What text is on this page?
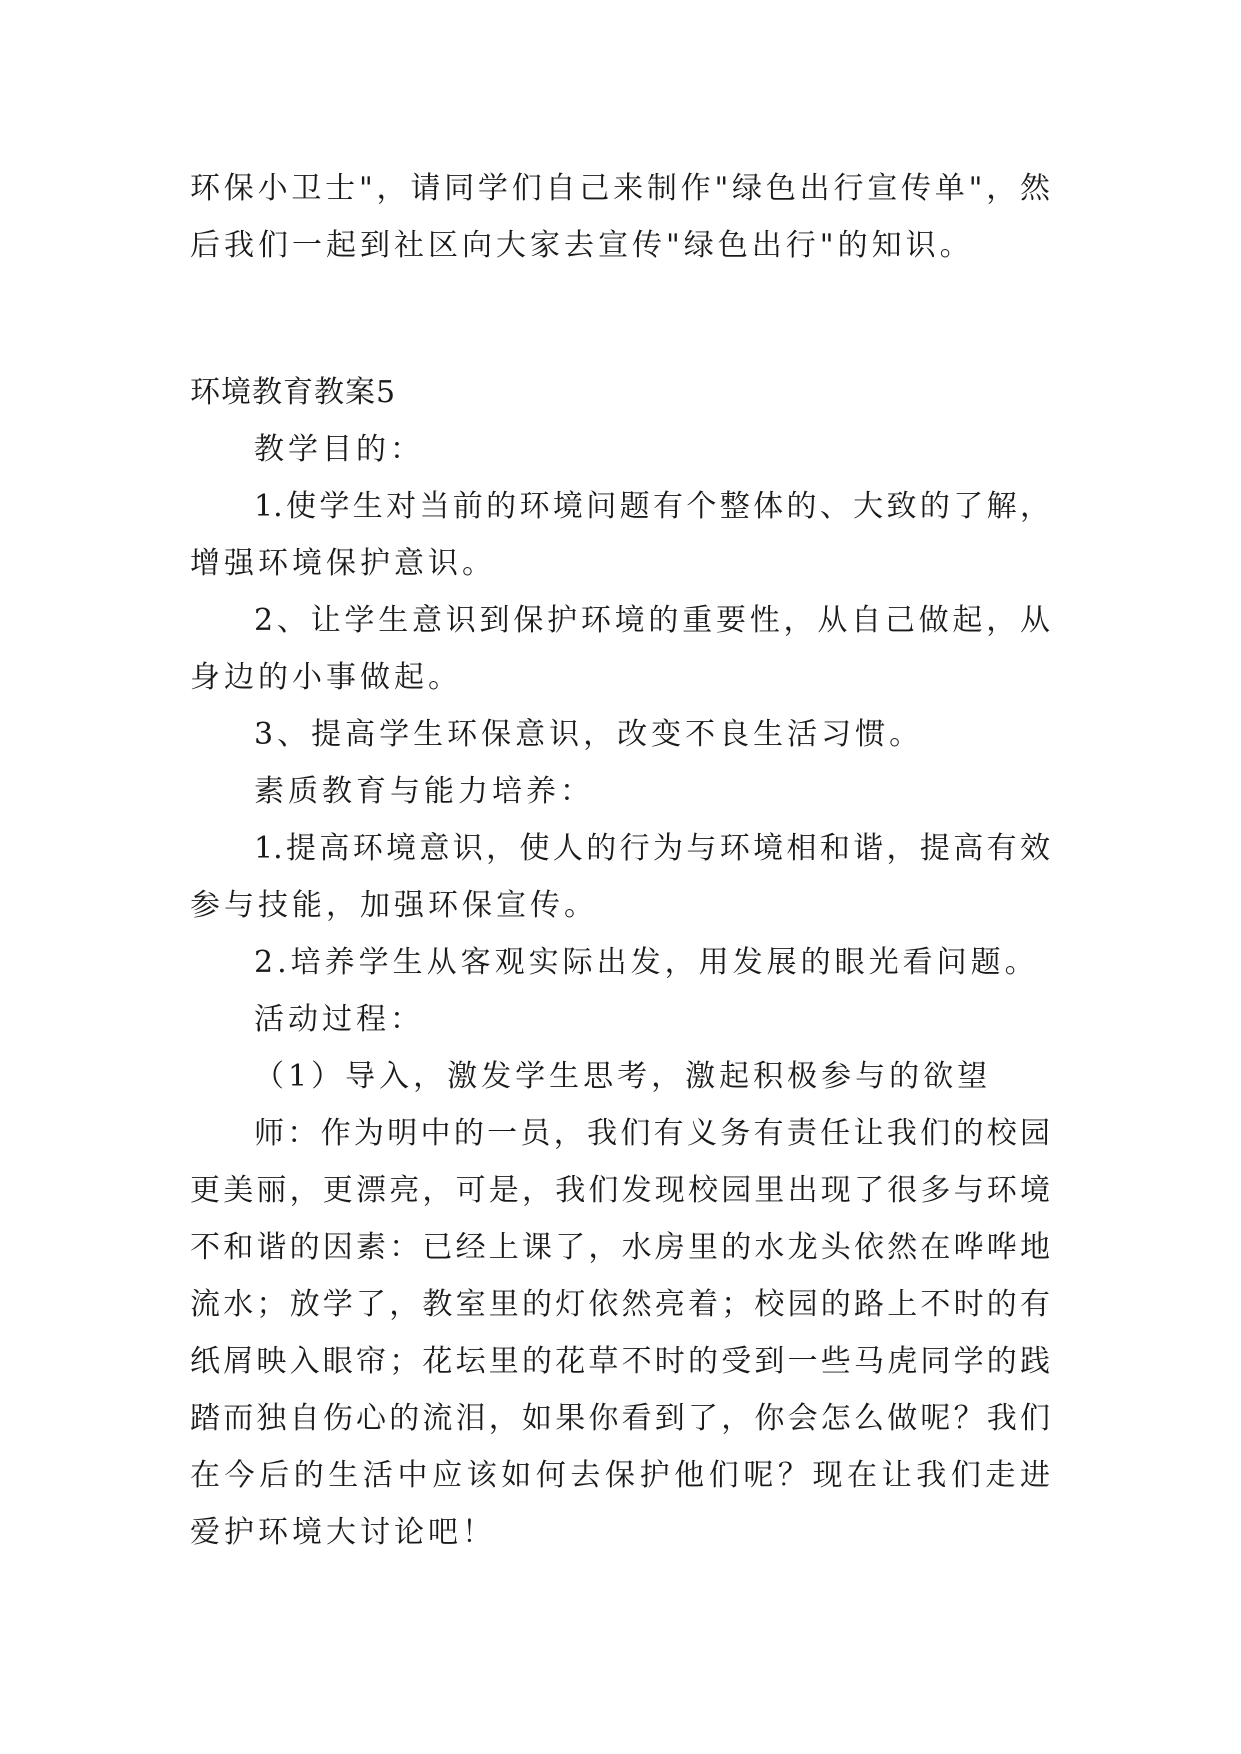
环保小卫士"，请同学们自己来制作"绿色出行宣传单"，然
后我们一起到社区向大家去宣传"绿色出行"的知识。
环境教育教案5
教学目的：
1.使学生对当前的环境问题有个整体的、大致的了解，
增强环境保护意识。
2、让学生意识到保护环境的重要性，从自己做起，从
身边的小事做起。
3、提高学生环保意识，改变不良生活习惯。
素质教育与能力培养：
1.提高环境意识，使人的行为与环境相和谐，提高有效
参与技能，加强环保宣传。
2.培养学生从客观实际出发，用发展的眼光看问题。
活动过程：
（1）导入，激发学生思考，激起积极参与的欲望
师：作为明中的一员，我们有义务有责任让我们的校园
更美丽，更漂亮，可是，我们发现校园里出现了很多与环境
不和谐的因素：已经上课了，水房里的水龙头依然在哗哗地
流水；放学了，教室里的灯依然亮着；校园的路上不时的有
纸屑映入眼帘；花坛里的花草不时的受到一些马虎同学的践
踏而独自伤心的流泪，如果你看到了，你会怎么做呢？我们
在今后的生活中应该如何去保护他们呢？现在让我们走进
爱护环境大讨论吧！
